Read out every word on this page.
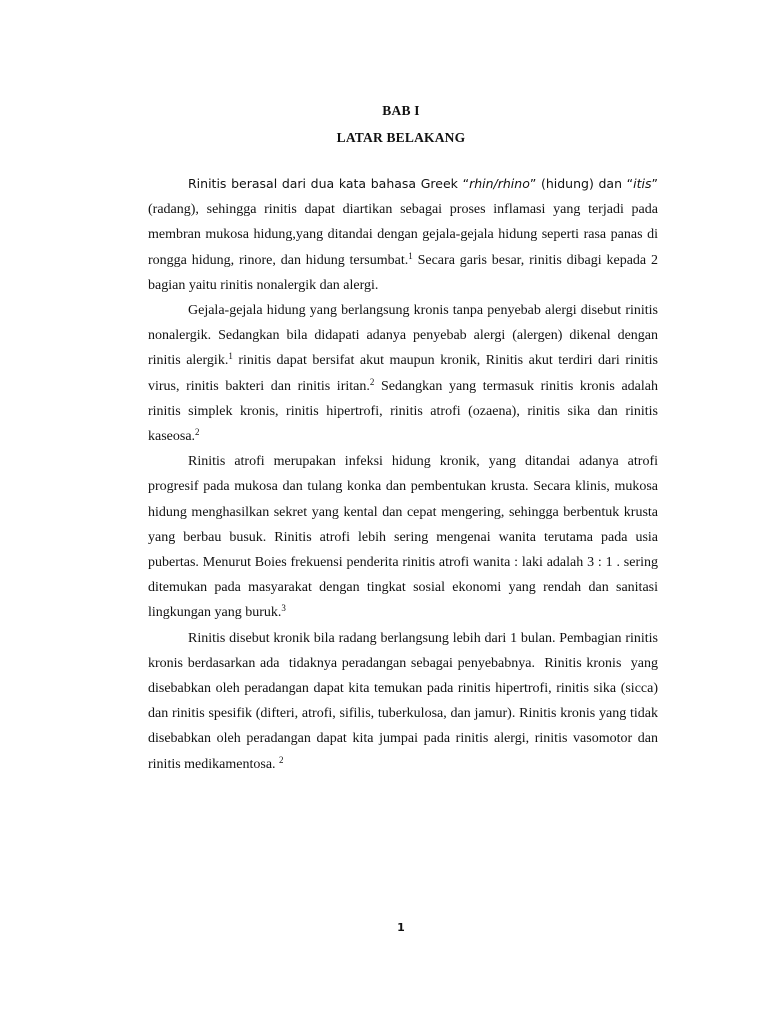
BAB I
LATAR BELAKANG

Rinitis berasal dari dua kata bahasa Greek “rhin/rhino” (hidung) dan “itis” (radang), sehingga rinitis dapat diartikan sebagai proses inflamasi yang terjadi pada membran mukosa hidung,yang ditandai dengan gejala-gejala hidung seperti rasa panas di rongga hidung, rinore, dan hidung tersumbat.$^1$ Secara garis besar, rinitis dibagi kepada 2 bagian yaitu rinitis nonalergik dan alergi.

Gejala-gejala hidung yang berlangsung kronis tanpa penyebab alergi disebut rinitis nonalergik. Sedangkan bila didapati adanya penyebab alergi (alergen) dikenal dengan rinitis alergik.$^1$ rinitis dapat bersifat akut maupun kronik, Rinitis akut terdiri dari rinitis virus, rinitis bakteri dan rinitis iritan.$^2$ Sedangkan yang termasuk rinitis kronis adalah rinitis simplek kronis, rinitis hipertrofi, rinitis atrofi (ozaena), rinitis sika dan rinitis kaseosa.$^2$

Rinitis atrofi merupakan infeksi hidung kronik, yang ditandai adanya atrofi progresif pada mukosa dan tulang konka dan pembentukan krusta. Secara klinis, mukosa hidung menghasilkan sekret yang kental dan cepat mengering, sehingga berbentuk krusta yang berbau busuk. Rinitis atrofi lebih sering mengenai wanita terutama pada usia pubertas. Menurut Boies frekuensi penderita rinitis atrofi wanita : laki adalah 3 : 1 . sering ditemukan pada masyarakat dengan tingkat sosial ekonomi yang rendah dan sanitasi lingkungan yang buruk.$^3$

Rinitis disebut kronik bila radang berlangsung lebih dari 1 bulan. Pembagian rinitis kronis berdasarkan ada  tidaknya peradangan sebagai penyebabnya.  Rinitis kronis  yang disebabkan oleh peradangan dapat kita temukan pada rinitis hipertrofi, rinitis sika (sicca) dan rinitis spesifik (difteri, atrofi, sifilis, tuberkulosa, dan jamur). Rinitis kronis yang tidak disebabkan oleh peradangan dapat kita jumpai pada rinitis alergi, rinitis vasomotor dan rinitis medikamentosa. $^2$

1
